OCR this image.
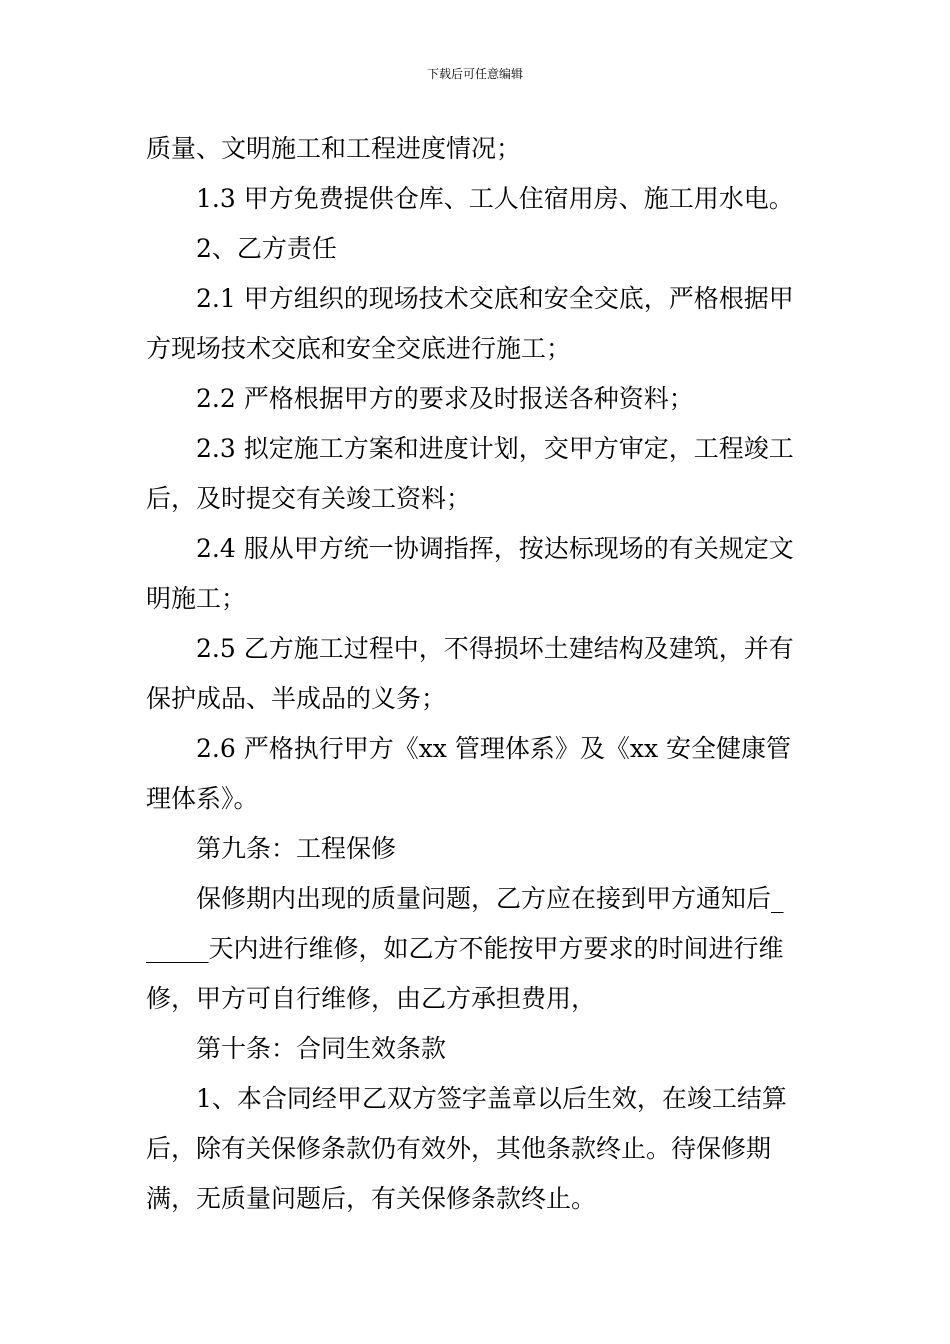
下载后可任意编辑
质量、文明施工和工程进度情况；
1.3 甲方免费提供仓库、工人住宿用房、施工用水电。
2、乙方责任
2.1 甲方组织的现场技术交底和安全交底，严格根据甲
方现场技术交底和安全交底进行施工；
2.2 严格根据甲方的要求及时报送各种资料；
2.3 拟定施工方案和进度计划，交甲方审定，工程竣工
后，及时提交有关竣工资料；
2.4 服从甲方统一协调指挥，按达标现场的有关规定文
明施工；
2.5 乙方施工过程中，不得损坏土建结构及建筑，并有
保护成品、半成品的义务；
2.6 严格执行甲方《xx 管理体系》及《xx 安全健康管
理体系》。
第九条：工程保修
保修期内出现的质量问题，乙方应在接到甲方通知后_
_____天内进行维修，如乙方不能按甲方要求的时间进行维
修，甲方可自行维修，由乙方承担费用，
第十条：合同生效条款
1、本合同经甲乙双方签字盖章以后生效，在竣工结算
后，除有关保修条款仍有效外，其他条款终止。待保修期
满，无质量问题后，有关保修条款终止。
